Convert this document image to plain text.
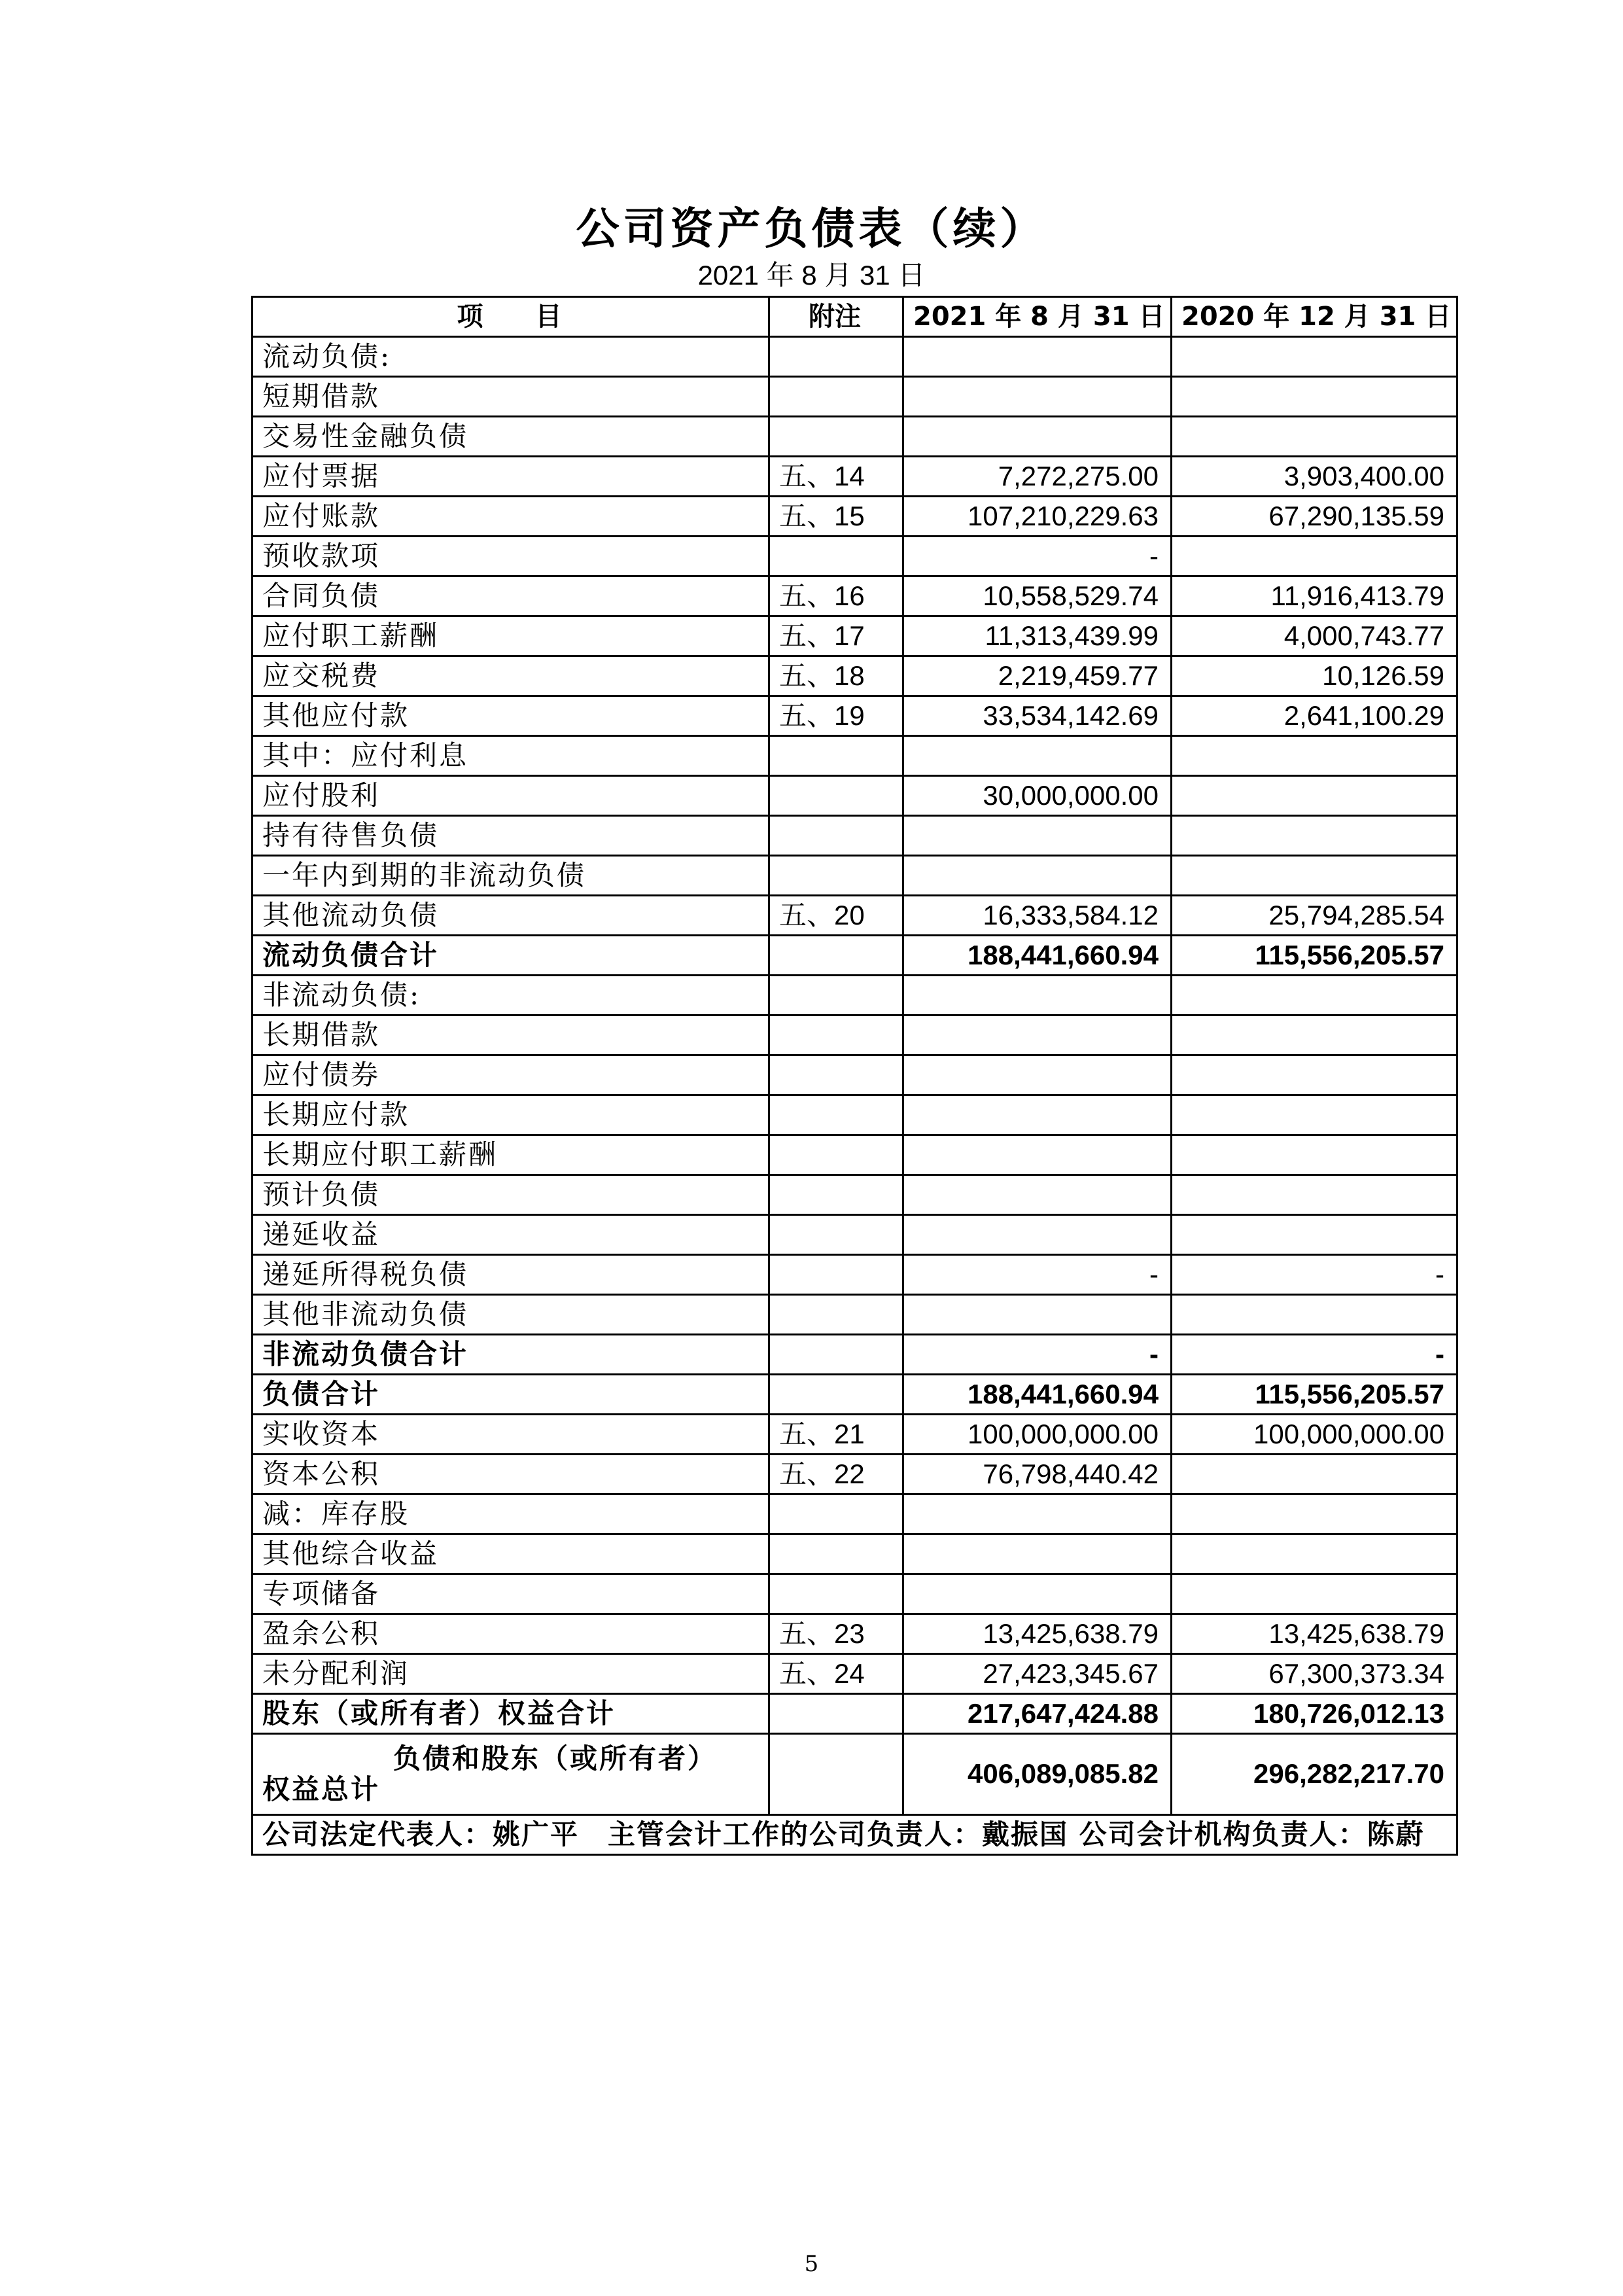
公司资产负债表（续）
2021 年 8 月 31 日
项　　目	附注	2021 年 8 月 31 日	2020 年 12 月 31 日
流动负债:			
短期借款			
交易性金融负债			
应付票据	五、14	7,272,275.00	3,903,400.00
应付账款	五、15	107,210,229.63	67,290,135.59
预收款项		-	
合同负债	五、16	10,558,529.74	11,916,413.79
应付职工薪酬	五、17	11,313,439.99	4,000,743.77
应交税费	五、18	2,219,459.77	10,126.59
其他应付款	五、19	33,534,142.69	2,641,100.29
其中：应付利息			
应付股利		30,000,000.00	
持有待售负债			
一年内到期的非流动负债			
其他流动负债	五、20	16,333,584.12	25,794,285.54
流动负债合计		188,441,660.94	115,556,205.57
非流动负债:			
长期借款			
应付债券			
长期应付款			
长期应付职工薪酬			
预计负债			
递延收益			
递延所得税负债		-	-
其他非流动负债			
非流动负债合计		-	-
负债合计		188,441,660.94	115,556,205.57
实收资本	五、21	100,000,000.00	100,000,000.00
资本公积	五、22	76,798,440.42	
减：库存股			
其他综合收益			
专项储备			
盈余公积	五、23	13,425,638.79	13,425,638.79
未分配利润	五、24	27,423,345.67	67,300,373.34
股东（或所有者）权益合计		217,647,424.88	180,726,012.13

负债和股东（或所有者）
权益总计		406,089,085.82	296,282,217.70
公司法定代表人：姚广平　主管会计工作的公司负责人：戴振国 公司会计机构负责人：陈蔚			
5
